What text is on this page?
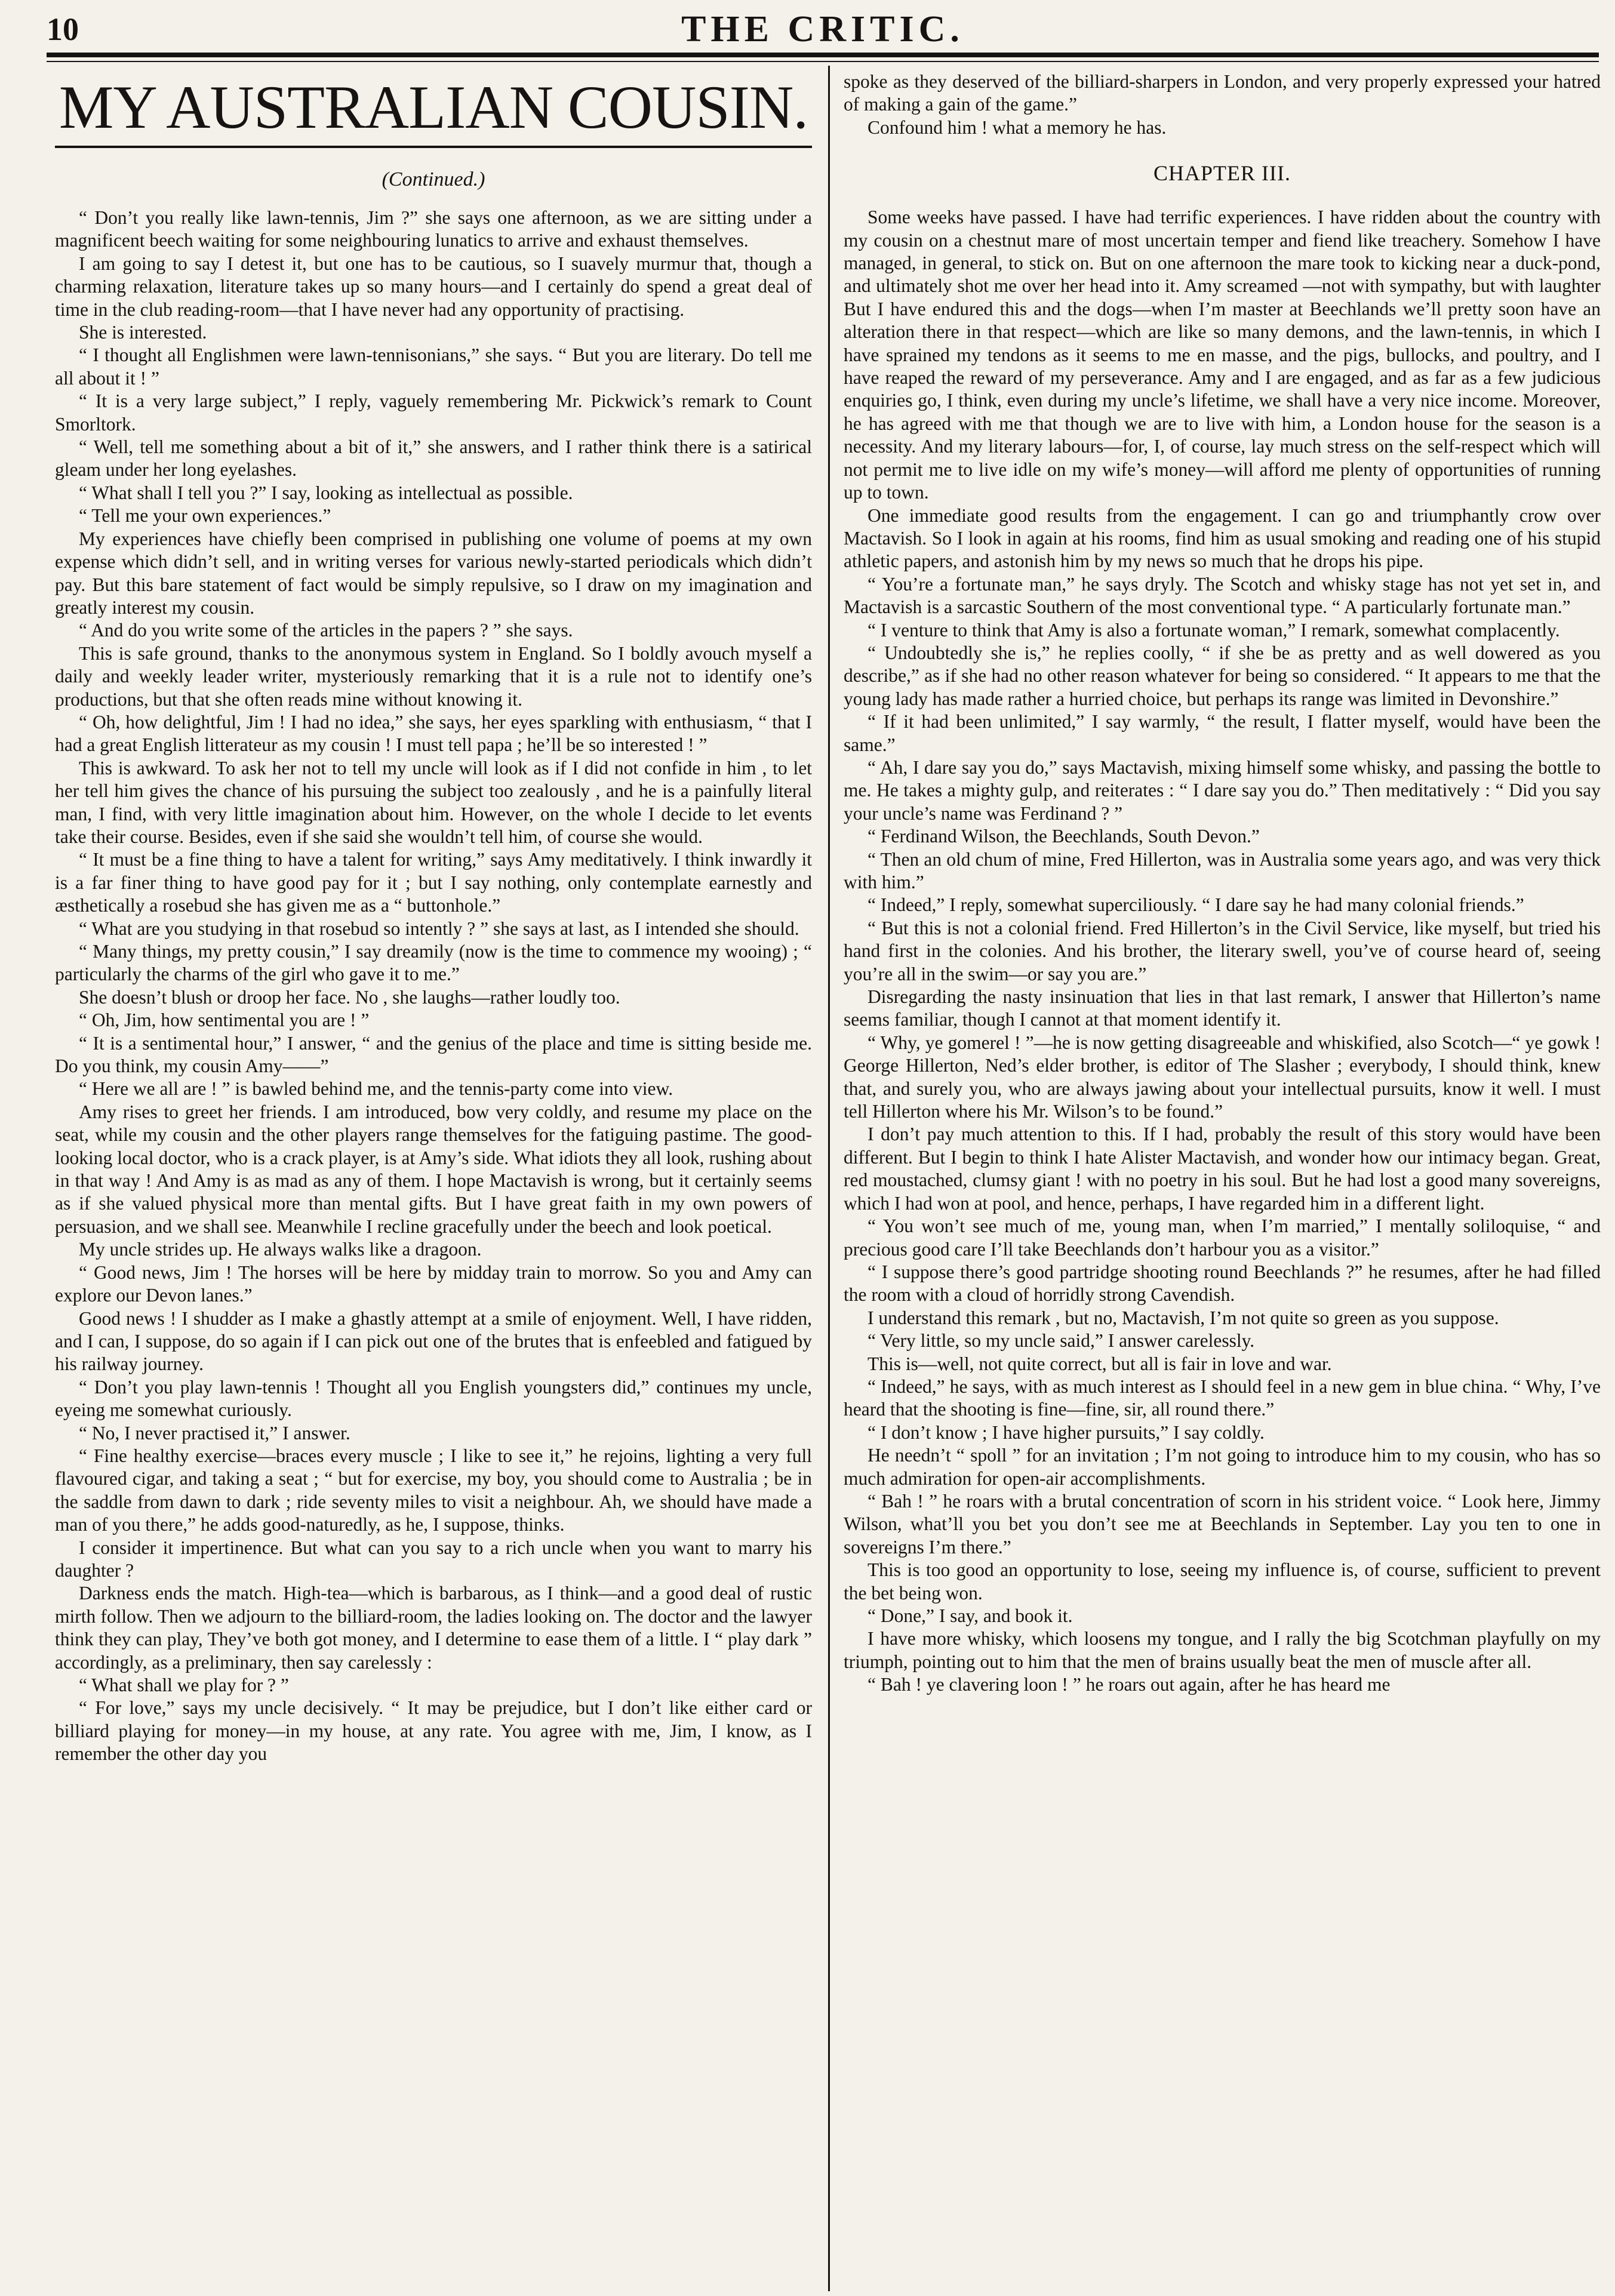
10	THE CRITIC.
MY AUSTRALIAN COUSIN.
(Continued.)

“ Don’t you really like lawn-tennis, Jim ?” she says one afternoon, as we are sitting under a magnificent beech waiting for some neighbouring lunatics to arrive and exhaust themselves.

I am going to say I detest it, but one has to be cautious, so I suavely murmur that, though a charming relaxation, literature takes up so many hours—and I certainly do spend a great deal of time in the club reading-room—that I have never had any opportunity of practising.

She is interested.

“ I thought all Englishmen were lawn-tennisonians,” she says. “ But you are literary. Do tell me all about it ! ”

“ It is a very large subject,” I reply, vaguely remembering Mr. Pickwick’s remark to Count Smorltork.

“ Well, tell me something about a bit of it,” she answers, and I rather think there is a satirical gleam under her long eyelashes.

“ What shall I tell you ?” I say, looking as intellectual as possible.

“ Tell me your own experiences.”

My experiences have chiefly been comprised in publishing one volume of poems at my own expense which didn’t sell, and in writing verses for various newly-started periodicals which didn’t pay. But this bare statement of fact would be simply repulsive, so I draw on my imagination and greatly interest my cousin.

“ And do you write some of the articles in the papers ? ” she says.

This is safe ground, thanks to the anonymous system in England. So I boldly avouch myself a daily and weekly leader writer, mysteriously remarking that it is a rule not to identify one’s productions, but that she often reads mine without knowing it.

“ Oh, how delightful, Jim ! I had no idea,” she says, her eyes sparkling with enthusiasm, “ that I had a great English litterateur as my cousin ! I must tell papa ; he’ll be so interested ! ”

This is awkward. To ask her not to tell my uncle will look as if I did not confide in him , to let her tell him gives the chance of his pursuing the subject too zealously , and he is a painfully literal man, I find, with very little imagination about him. However, on the whole I decide to let events take their course. Besides, even if she said she wouldn’t tell him, of course she would.

“ It must be a fine thing to have a talent for writing,” says Amy meditatively. I think inwardly it is a far finer thing to have good pay for it ; but I say nothing, only contemplate earnestly and æsthetically a rosebud she has given me as a “ buttonhole.”

“ What are you studying in that rosebud so intently ? ” she says at last, as I intended she should.

“ Many things, my pretty cousin,” I say dreamily (now is the time to commence my wooing) ; “ particularly the charms of the girl who gave it to me.”

She doesn’t blush or droop her face. No , she laughs—rather loudly too.

“ Oh, Jim, how sentimental you are ! ”

“ It is a sentimental hour,” I answer, “ and the genius of the place and time is sitting beside me. Do you think, my cousin Amy——”

“ Here we all are ! ” is bawled behind me, and the tennis-party come into view.

Amy rises to greet her friends. I am introduced, bow very coldly, and resume my place on the seat, while my cousin and the other players range themselves for the fatiguing pastime. The good-looking local doctor, who is a crack player, is at Amy’s side. What idiots they all look, rushing about in that way ! And Amy is as mad as any of them. I hope Mactavish is wrong, but it certainly seems as if she valued physical more than mental gifts. But I have great faith in my own powers of persuasion, and we shall see. Meanwhile I recline gracefully under the beech and look poetical.

My uncle strides up. He always walks like a dragoon.

“ Good news, Jim ! The horses will be here by midday train to morrow. So you and Amy can explore our Devon lanes.”

Good news ! I shudder as I make a ghastly attempt at a smile of enjoyment. Well, I have ridden, and I can, I suppose, do so again if I can pick out one of the brutes that is enfeebled and fatigued by his railway journey.

“ Don’t you play lawn-tennis ! Thought all you English youngsters did,” continues my uncle, eyeing me somewhat curiously.

“ No, I never practised it,” I answer.

“ Fine healthy exercise—braces every muscle ; I like to see it,” he rejoins, lighting a very full flavoured cigar, and taking a seat ; “ but for exercise, my boy, you should come to Australia ; be in the saddle from dawn to dark ; ride seventy miles to visit a neighbour. Ah, we should have made a man of you there,” he adds good-naturedly, as he, I suppose, thinks.

I consider it impertinence. But what can you say to a rich uncle when you want to marry his daughter ?

Darkness ends the match. High-tea—which is barbarous, as I think—and a good deal of rustic mirth follow. Then we adjourn to the billiard-room, the ladies looking on. The doctor and the lawyer think they can play, They’ve both got money, and I determine to ease them of a little. I “ play dark ” accordingly, as a preliminary, then say carelessly :

“ What shall we play for ? ”

“ For love,” says my uncle decisively. “ It may be prejudice, but I don’t like either card or billiard playing for money—in my house, at any rate. You agree with me, Jim, I know, as I remember the other day you

spoke as they deserved of the billiard-sharpers in London, and very properly expressed your hatred of making a gain of the game.”

Confound him ! what a memory he has.

CHAPTER III.

Some weeks have passed. I have had terrific experiences. I have ridden about the country with my cousin on a chestnut mare of most uncertain temper and fiend like treachery. Somehow I have managed, in general, to stick on. But on one afternoon the mare took to kicking near a duck-pond, and ultimately shot me over her head into it. Amy screamed —not with sympathy, but with laughter But I have endured this and the dogs—when I’m master at Beechlands we’ll pretty soon have an alteration there in that respect—which are like so many demons, and the lawn-tennis, in which I have sprained my tendons as it seems to me en masse, and the pigs, bullocks, and poultry, and I have reaped the reward of my perseverance. Amy and I are engaged, and as far as a few judicious enquiries go, I think, even during my uncle’s lifetime, we shall have a very nice income. Moreover, he has agreed with me that though we are to live with him, a London house for the season is a necessity. And my literary labours—for, I, of course, lay much stress on the self-respect which will not permit me to live idle on my wife’s money—will afford me plenty of opportunities of running up to town.

One immediate good results from the engagement. I can go and triumphantly crow over Mactavish. So I look in again at his rooms, find him as usual smoking and reading one of his stupid athletic papers, and astonish him by my news so much that he drops his pipe.

“ You’re a fortunate man,” he says dryly. The Scotch and whisky stage has not yet set in, and Mactavish is a sarcastic Southern of the most conventional type. “ A particularly fortunate man.”

“ I venture to think that Amy is also a fortunate woman,” I remark, somewhat complacently.

“ Undoubtedly she is,” he replies coolly, “ if she be as pretty and as well dowered as you describe,” as if she had no other reason whatever for being so considered. “ It appears to me that the young lady has made rather a hurried choice, but perhaps its range was limited in Devonshire.”

“ If it had been unlimited,” I say warmly, “ the result, I flatter myself, would have been the same.”

“ Ah, I dare say you do,” says Mactavish, mixing himself some whisky, and passing the bottle to me. He takes a mighty gulp, and reiterates : “ I dare say you do.” Then meditatively : “ Did you say your uncle’s name was Ferdinand ? ”

“ Ferdinand Wilson, the Beechlands, South Devon.”

“ Then an old chum of mine, Fred Hillerton, was in Australia some years ago, and was very thick with him.”

“ Indeed,” I reply, somewhat superciliously. “ I dare say he had many colonial friends.”

“ But this is not a colonial friend. Fred Hillerton’s in the Civil Service, like myself, but tried his hand first in the colonies. And his brother, the literary swell, you’ve of course heard of, seeing you’re all in the swim—or say you are.”

Disregarding the nasty insinuation that lies in that last remark, I answer that Hillerton’s name seems familiar, though I cannot at that moment identify it.

“ Why, ye gomerel ! ”—he is now getting disagreeable and whiskified, also Scotch—“ ye gowk ! George Hillerton, Ned’s elder brother, is editor of The Slasher ; everybody, I should think, knew that, and surely you, who are always jawing about your intellectual pursuits, know it well. I must tell Hillerton where his Mr. Wilson’s to be found.”

I don’t pay much attention to this. If I had, probably the result of this story would have been different. But I begin to think I hate Alister Mactavish, and wonder how our intimacy began. Great, red moustached, clumsy giant ! with no poetry in his soul. But he had lost a good many sovereigns, which I had won at pool, and hence, perhaps, I have regarded him in a different light.

“ You won’t see much of me, young man, when I’m married,” I mentally soliloquise, “ and precious good care I’ll take Beechlands don’t harbour you as a visitor.”

“ I suppose there’s good partridge shooting round Beechlands ?” he resumes, after he had filled the room with a cloud of horridly strong Cavendish.

I understand this remark , but no, Mactavish, I’m not quite so green as you suppose.

“ Very little, so my uncle said,” I answer carelessly.

This is—well, not quite correct, but all is fair in love and war.

“ Indeed,” he says, with as much interest as I should feel in a new gem in blue china. “ Why, I’ve heard that the shooting is fine—fine, sir, all round there.”

“ I don’t know ; I have higher pursuits,” I say coldly.

He needn’t “ spoll ” for an invitation ; I’m not going to introduce him to my cousin, who has so much admiration for open-air accomplishments.

“ Bah ! ” he roars with a brutal concentration of scorn in his strident voice. “ Look here, Jimmy Wilson, what’ll you bet you don’t see me at Beechlands in September. Lay you ten to one in sovereigns I’m there.”

This is too good an opportunity to lose, seeing my influence is, of course, sufficient to prevent the bet being won.

“ Done,” I say, and book it.

I have more whisky, which loosens my tongue, and I rally the big Scotchman playfully on my triumph, pointing out to him that the men of brains usually beat the men of muscle after all.

“ Bah ! ye clavering loon ! ” he roars out again, after he has heard me
